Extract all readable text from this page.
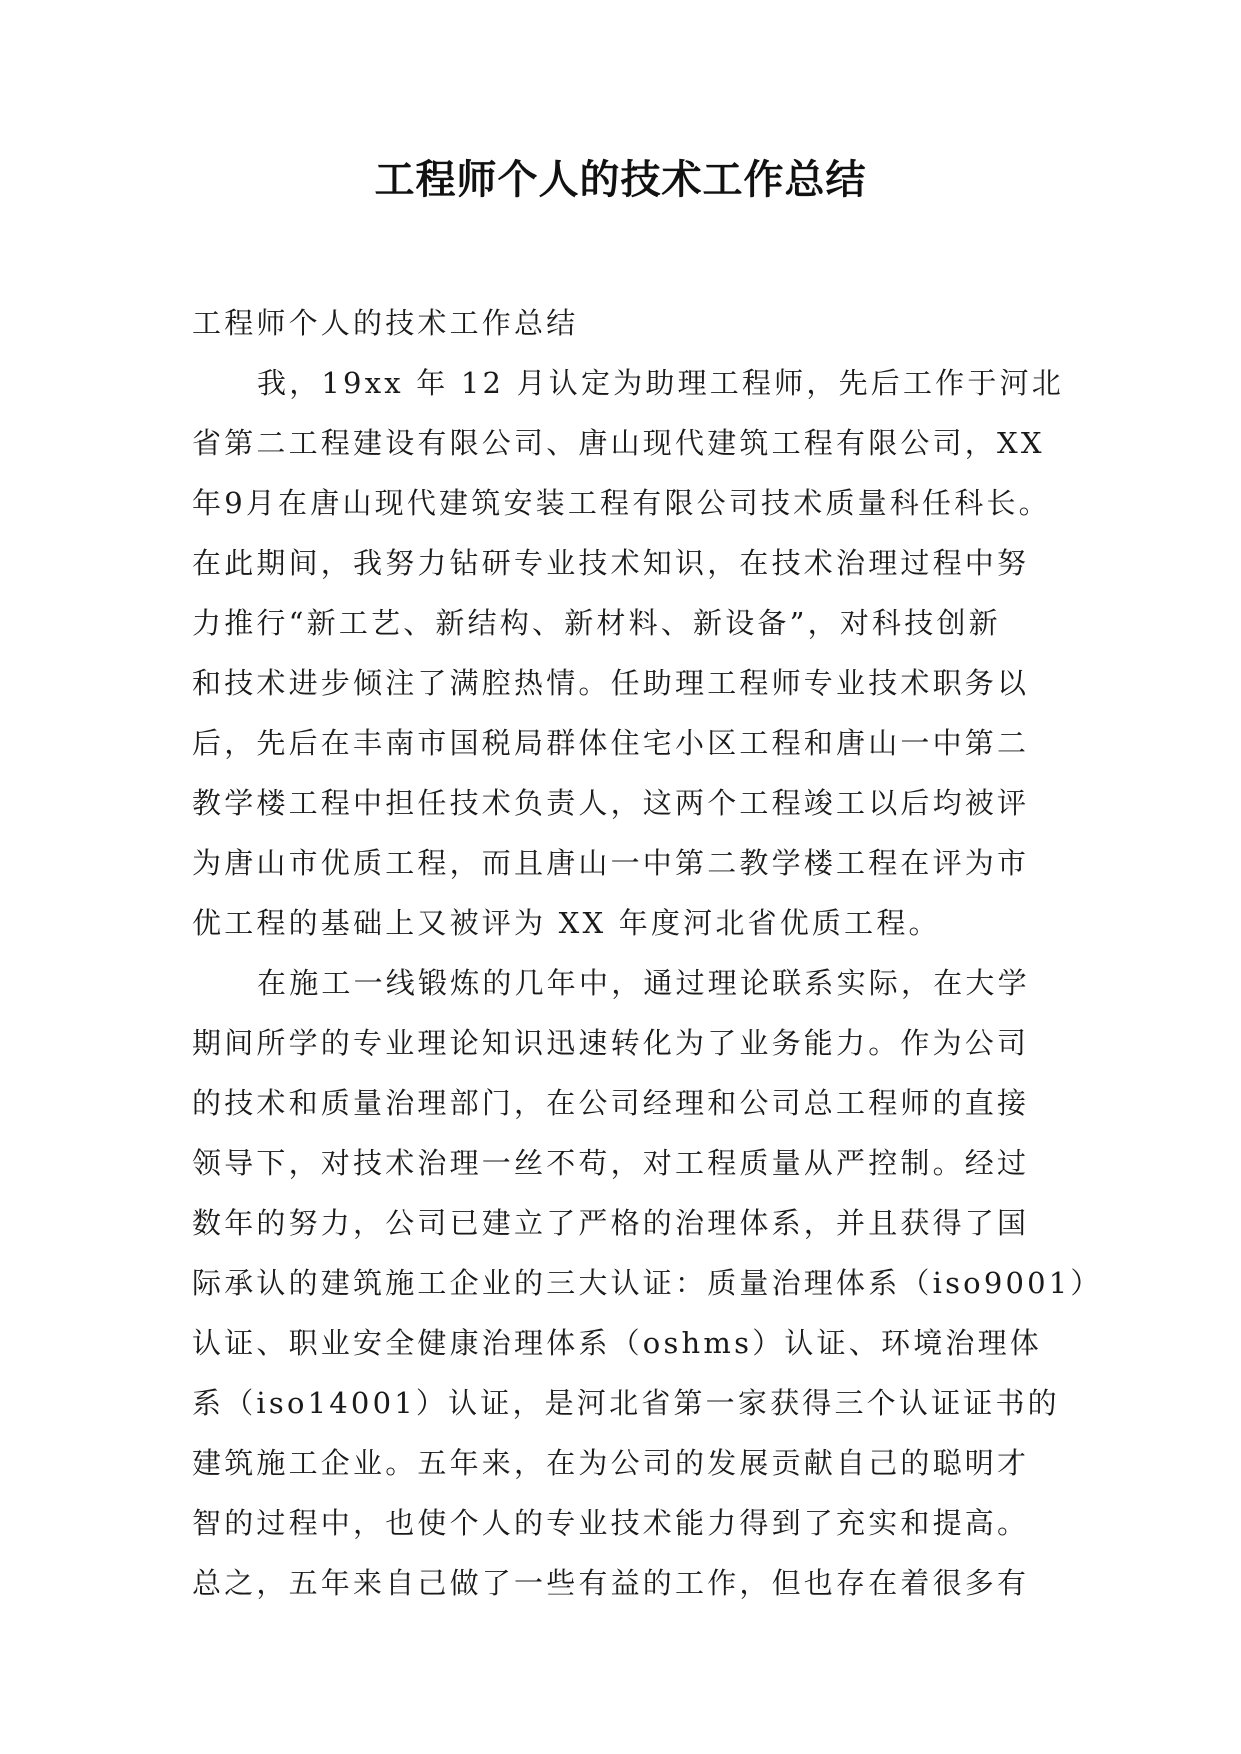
工程师个人的技术工作总结
工程师个人的技术工作总结
我，19xx 年 12 月认定为助理工程师，先后工作于河北
省第二工程建设有限公司、唐山现代建筑工程有限公司，XX
年9月在唐山现代建筑安装工程有限公司技术质量科任科长。
在此期间，我努力钻研专业技术知识，在技术治理过程中努
力推行“新工艺、新结构、新材料、新设备”，对科技创新
和技术进步倾注了满腔热情。任助理工程师专业技术职务以
后，先后在丰南市国税局群体住宅小区工程和唐山一中第二
教学楼工程中担任技术负责人，这两个工程竣工以后均被评
为唐山市优质工程，而且唐山一中第二教学楼工程在评为市
优工程的基础上又被评为 XX 年度河北省优质工程。
在施工一线锻炼的几年中，通过理论联系实际，在大学
期间所学的专业理论知识迅速转化为了业务能力。作为公司
的技术和质量治理部门，在公司经理和公司总工程师的直接
领导下，对技术治理一丝不苟，对工程质量从严控制。经过
数年的努力，公司已建立了严格的治理体系，并且获得了国
际承认的建筑施工企业的三大认证：质量治理体系（iso9001）
认证、职业安全健康治理体系（oshms）认证、环境治理体
系（iso14001）认证，是河北省第一家获得三个认证证书的
建筑施工企业。五年来，在为公司的发展贡献自己的聪明才
智的过程中，也使个人的专业技术能力得到了充实和提高。
总之，五年来自己做了一些有益的工作，但也存在着很多有
